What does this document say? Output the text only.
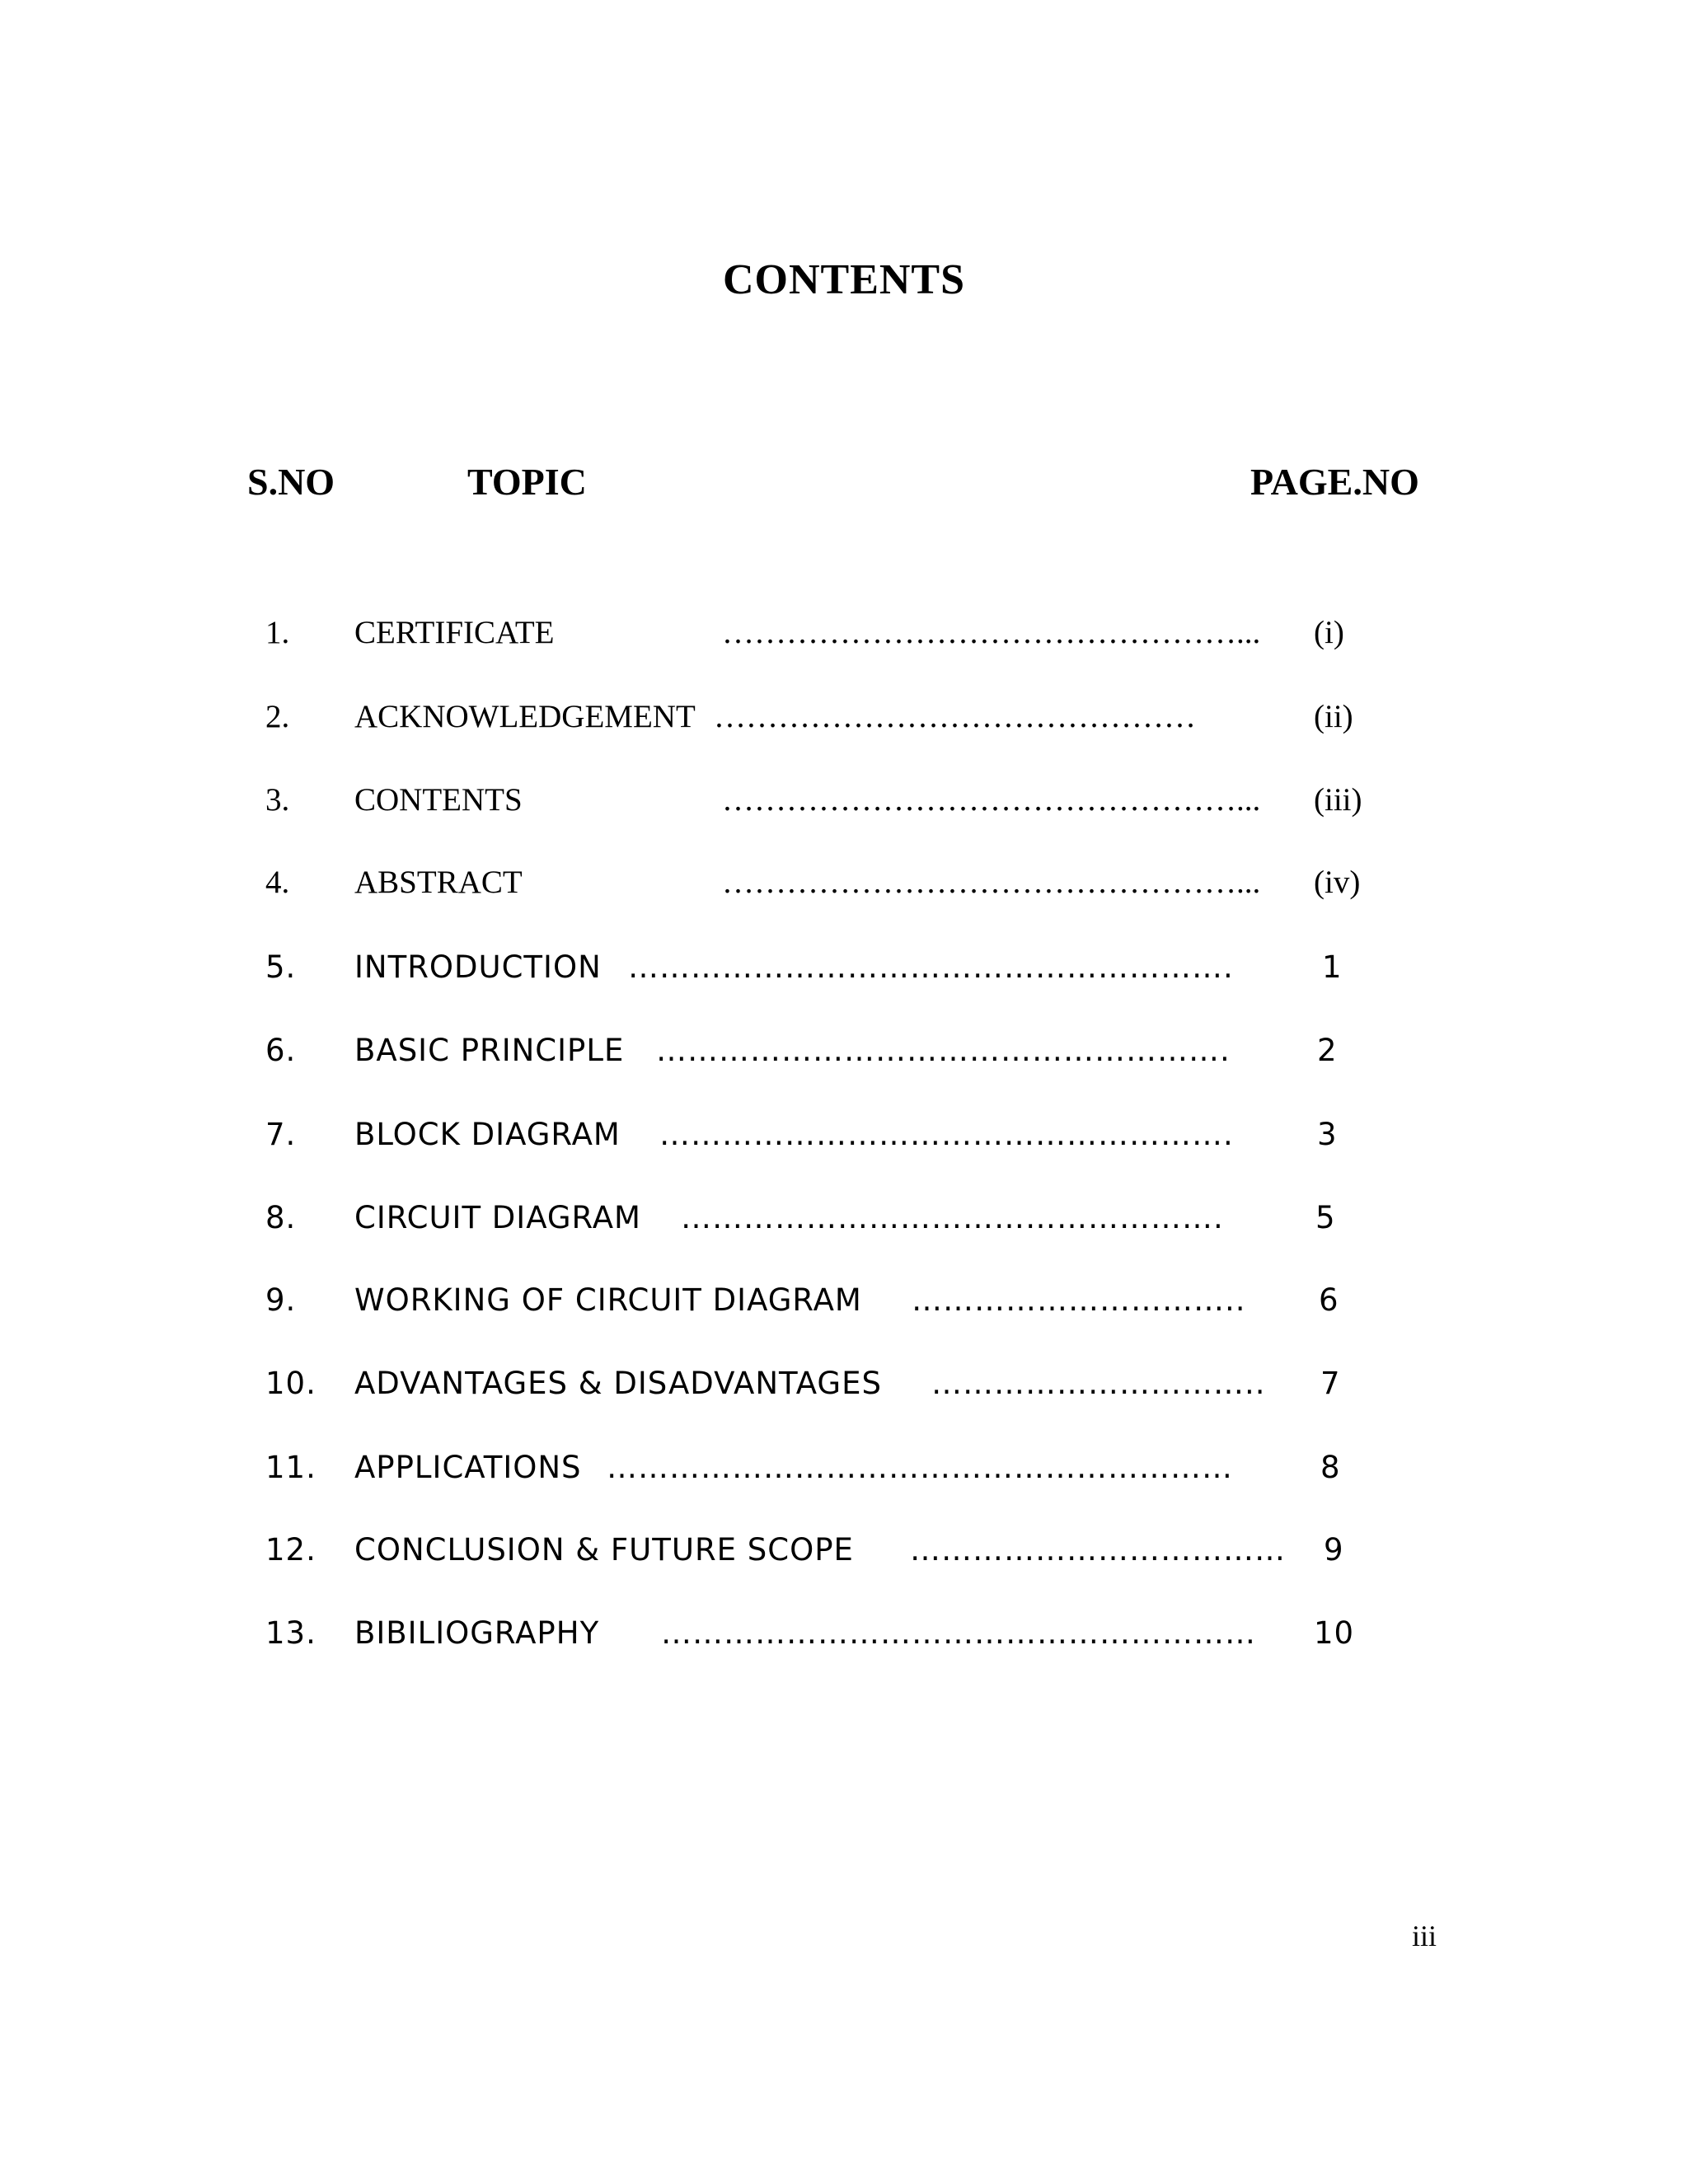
CONTENTS
S.NO	TOPIC	PAGE.NO
1. CERTIFICATE	…………………………………………... (i)
2. ACKNOWLEDGEMENT ………………………………………	(ii)
3. CONTENTS	…………………………………………... (iii)
4. ABSTRACT	…………………………………………... (iv)
5. INTRODUCTION ………………………………………………….	1
6. BASIC PRINCIPLE ……………………………………………….	2
7. BLOCK DIAGRAM ……………………………………………….	3
8. CIRCUIT DIAGRAM …………………………………………….	5
9. WORKING OF CIRCUIT DIAGRAM ………………………….. 6
10. ADVANTAGES & DISADVANTAGES ………………………….. 7
11. APPLICATIONS ……………………………………………………	8
12. CONCLUSION & FUTURE SCOPE ……………………………… 9
13. BIBILIOGRAPHY ………………………………………………… 10
iii
